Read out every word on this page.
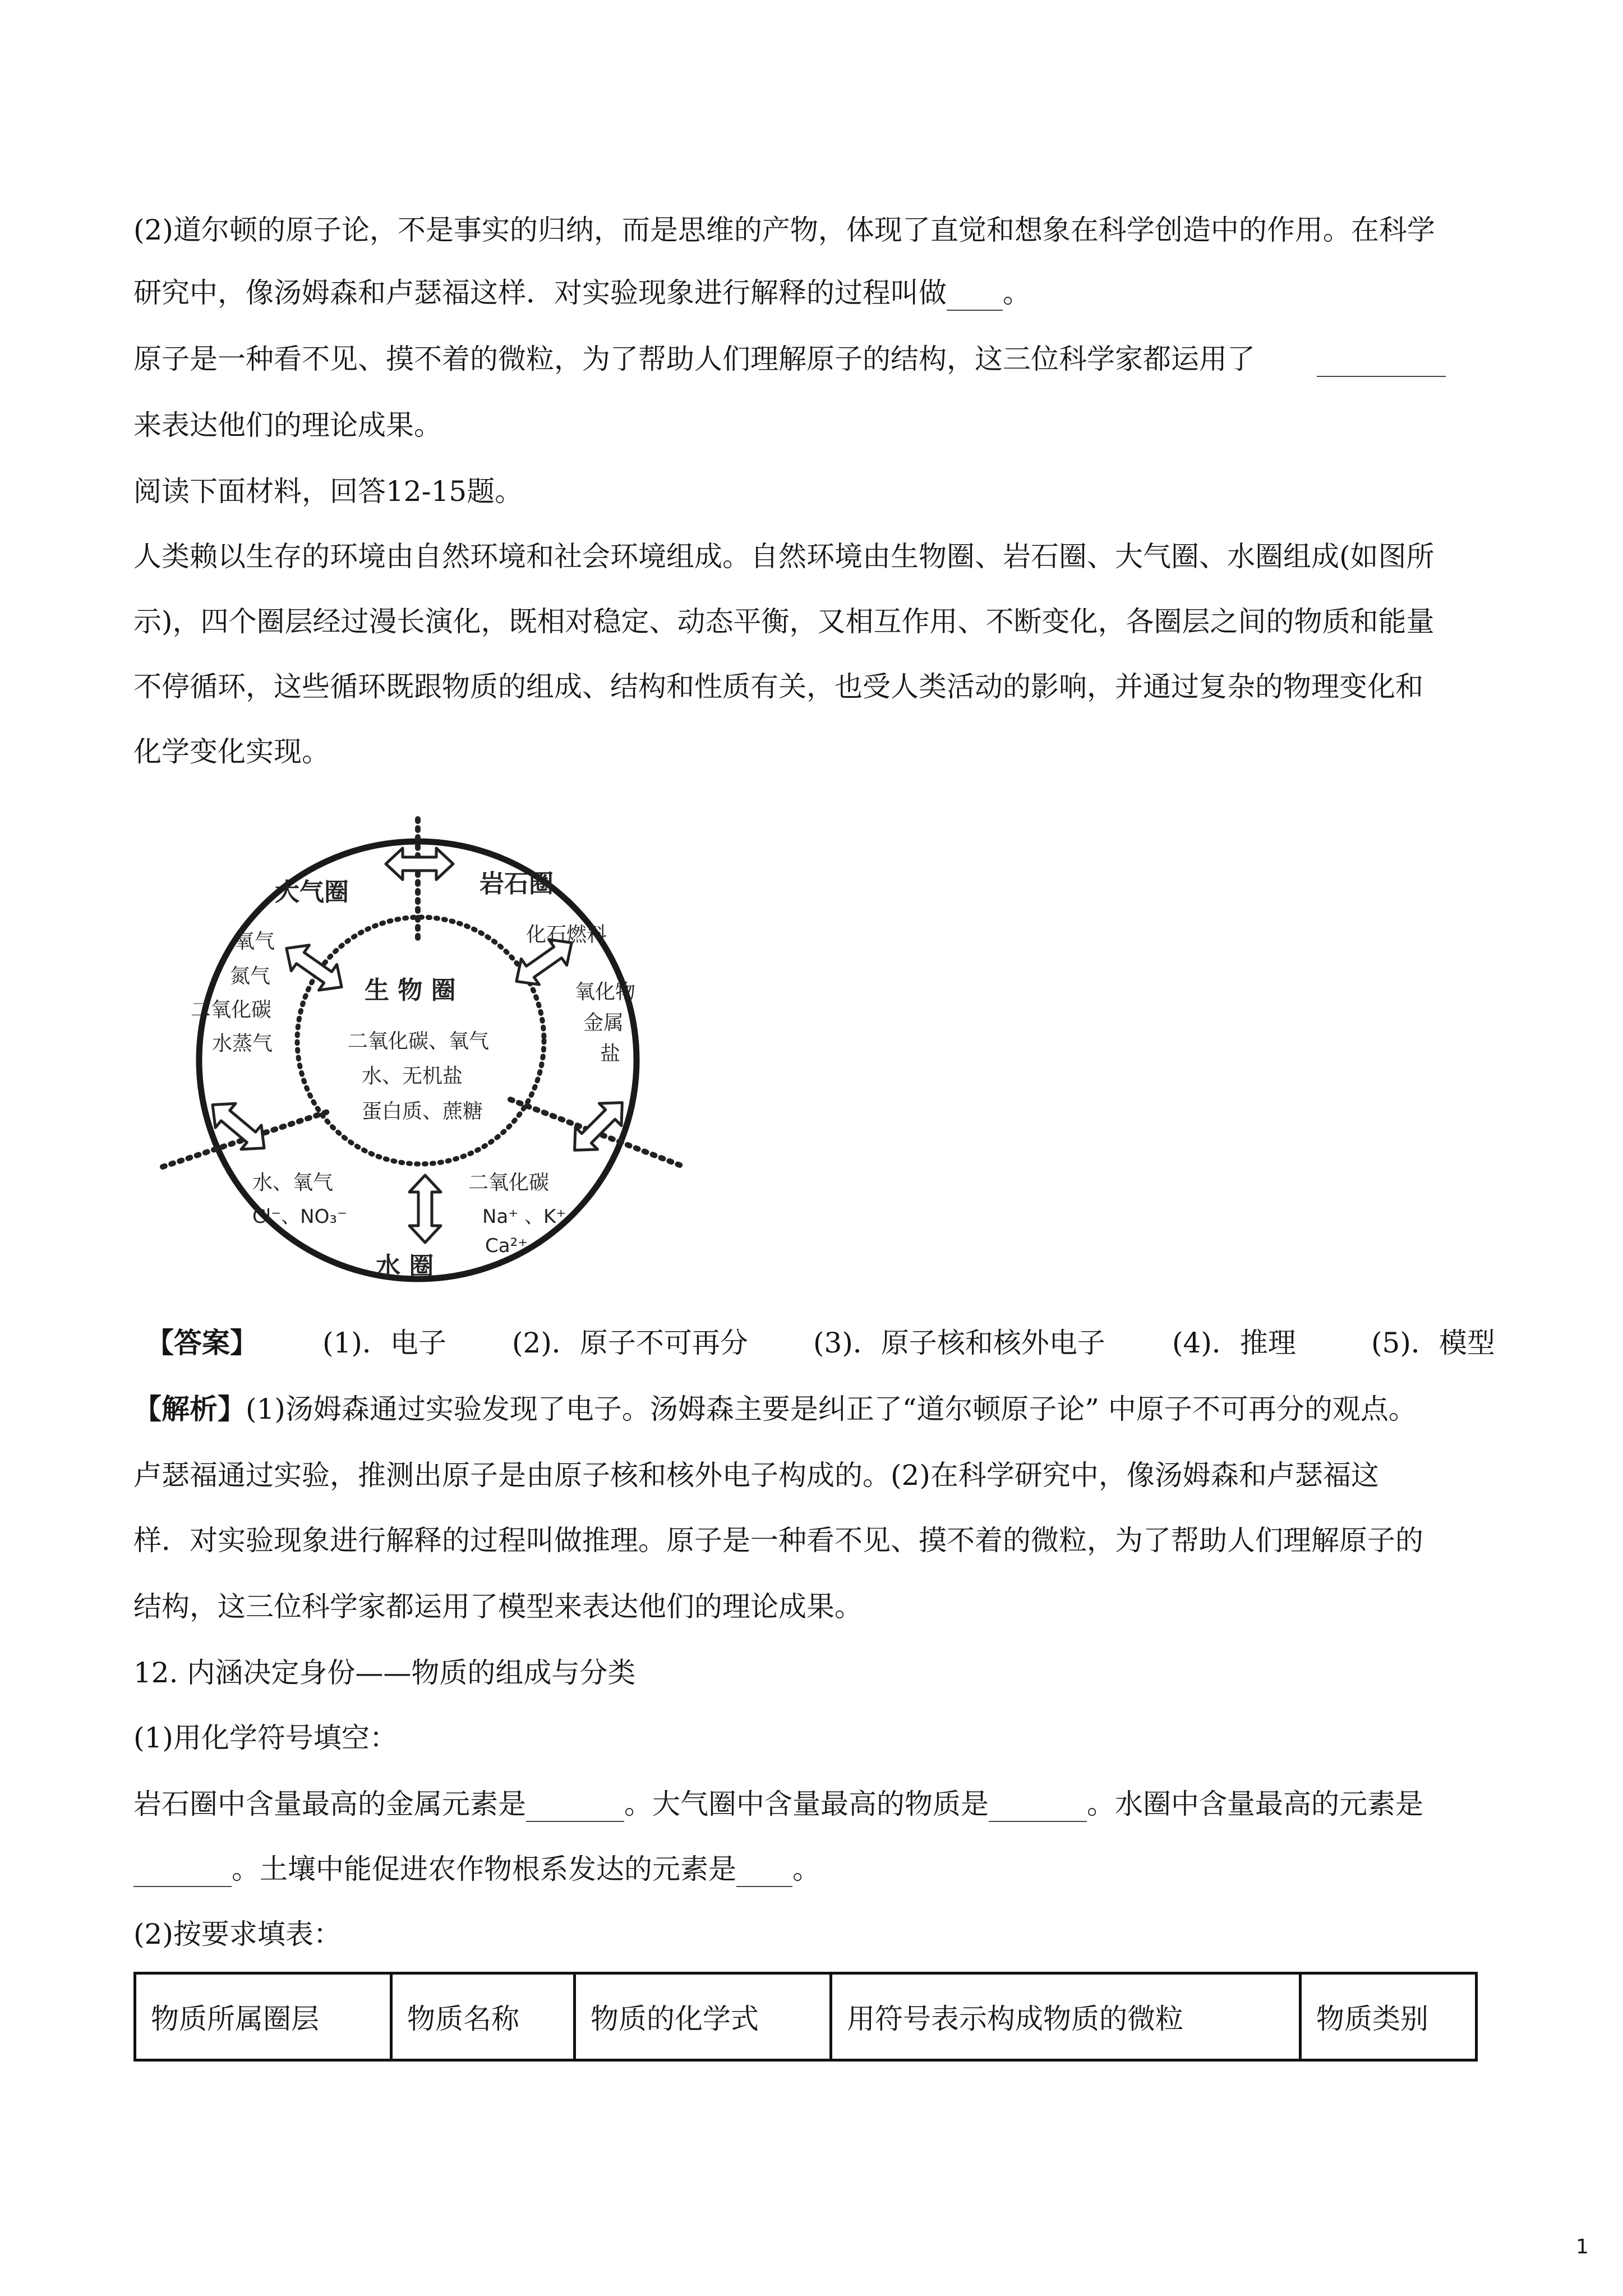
(2)道尔顿的原子论，不是事实的归纳，而是思维的产物，体现了直觉和想象在科学创造中的作用。在科学
研究中，像汤姆森和卢瑟福这样．对实验现象进行解释的过程叫做 。
原子是一种看不见、摸不着的微粒，为了帮助人们理解原子的结构，这三位科学家都运用了
来表达他们的理论成果。
阅读下面材料，回答12-15题。
人类赖以生存的环境由自然环境和社会环境组成。自然环境由生物圈、岩石圈、大气圈、水圈组成(如图所
示)，四个圈层经过漫长演化，既相对稳定、动态平衡，又相互作用、不断变化，各圈层之间的物质和能量
不停循环，这些循环既跟物质的组成、结构和性质有关，也受人类活动的影响，并通过复杂的物理变化和
化学变化实现。
大气圈
氧气
氮气
二氧化碳
水蒸气
岩石圈
化石燃料
氧化物
金属
盐
生 物 圈
二氧化碳、氧气
水、无机盐
蛋白质、蔗糖
水、氧气
Cl⁻、NO₃⁻
二氧化碳
Na⁺ 、K⁺
Ca²⁺
水 圈
【答案】 (1)．电子 (2)．原子不可再分 (3)．原子核和核外电子 (4)．推理	(5)．模型
【解析】(1)汤姆森通过实验发现了电子。汤姆森主要是纠正了“道尔顿原子论” 中原子不可再分的观点。
卢瑟福通过实验，推测出原子是由原子核和核外电子构成的。(2)在科学研究中，像汤姆森和卢瑟福这
样．对实验现象进行解释的过程叫做推理。原子是一种看不见、摸不着的微粒，为了帮助人们理解原子的
结构，这三位科学家都运用了模型来表达他们的理论成果。
12. 内涵决定身份——物质的组成与分类
(1)用化学符号填空：
岩石圈中含量最高的金属元素是	。大气圈中含量最高的物质是	。水圈中含量最高的元素是
。土壤中能促进农作物根系发达的元素是 。
(2)按要求填表：
物质所属圈层	物质名称	物质的化学式	用符号表示构成物质的微粒	物质类别
1
